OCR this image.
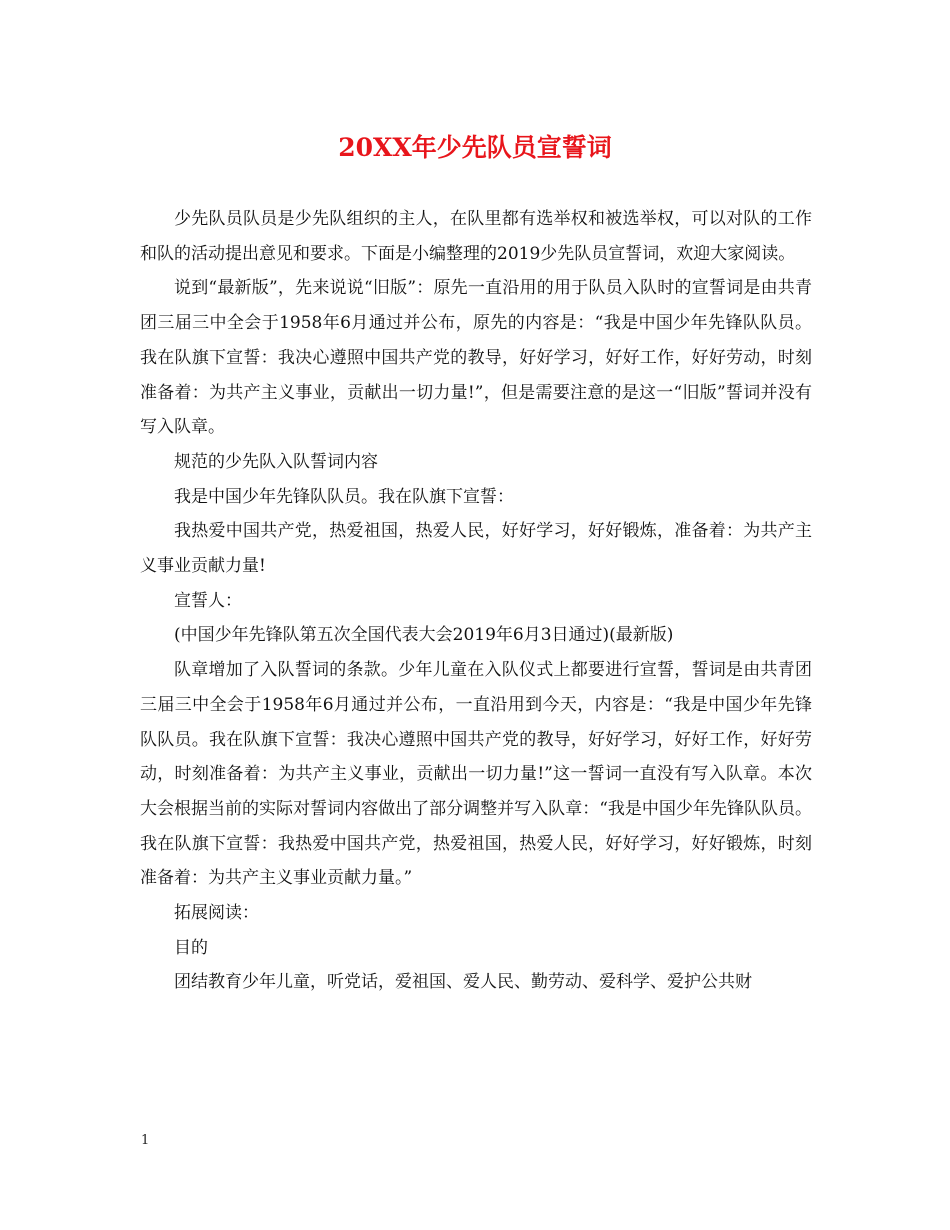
20XX年少先队员宣誓词

少先队员队员是少先队组织的主人，在队里都有选举权和被选举权，可以对队的工作和队的活动提出意见和要求。下面是小编整理的2019少先队员宣誓词，欢迎大家阅读。

说到“最新版”，先来说说“旧版”：原先一直沿用的用于队员入队时的宣誓词是由共青团三届三中全会于1958年6月通过并公布，原先的内容是：“我是中国少年先锋队队员。我在队旗下宣誓：我决心遵照中国共产党的教导，好好学习，好好工作，好好劳动，时刻准备着：为共产主义事业，贡献出一切力量!”，但是需要注意的是这一“旧版”誓词并没有写入队章。

规范的少先队入队誓词内容

我是中国少年先锋队队员。我在队旗下宣誓：

我热爱中国共产党，热爱祖国，热爱人民，好好学习，好好锻炼，准备着：为共产主义事业贡献力量!

宣誓人：

(中国少年先锋队第五次全国代表大会2019年6月3日通过)(最新版)

队章增加了入队誓词的条款。少年儿童在入队仪式上都要进行宣誓，誓词是由共青团三届三中全会于1958年6月通过并公布，一直沿用到今天，内容是：“我是中国少年先锋队队员。我在队旗下宣誓：我决心遵照中国共产党的教导，好好学习，好好工作，好好劳动，时刻准备着：为共产主义事业，贡献出一切力量!”这一誓词一直没有写入队章。本次大会根据当前的实际对誓词内容做出了部分调整并写入队章：“我是中国少年先锋队队员。我在队旗下宣誓：我热爱中国共产党，热爱祖国，热爱人民，好好学习，好好锻炼，时刻准备着：为共产主义事业贡献力量。”

拓展阅读：

目的

团结教育少年儿童，听党话，爱祖国、爱人民、勤劳动、爱科学、爱护公共财

1
